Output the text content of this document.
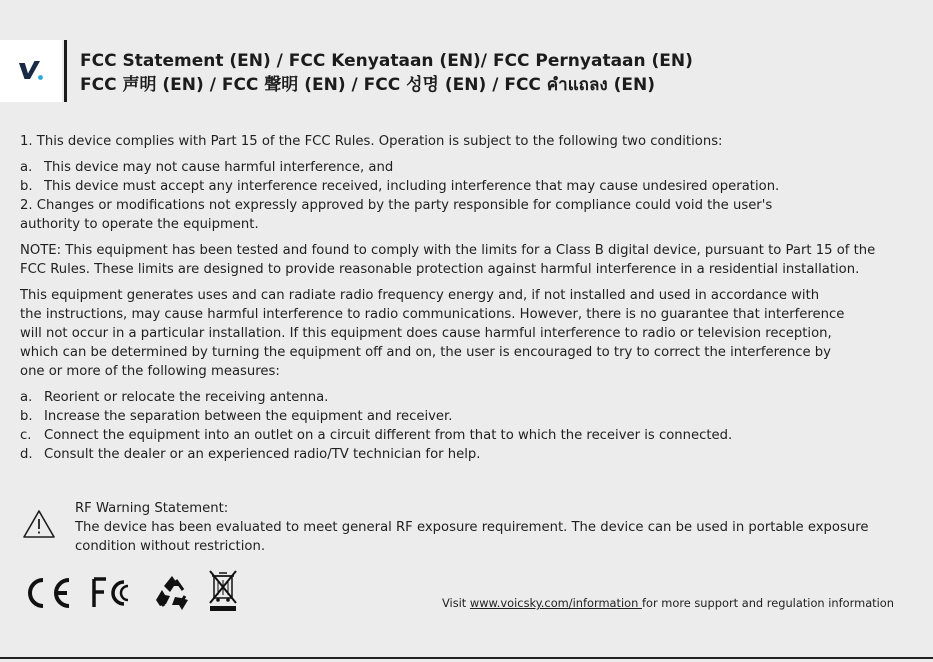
FCC Statement (EN) / FCC Kenyataan (EN)/ FCC Pernyataan (EN)
FCC 声明 (EN) / FCC 聲明 (EN) / FCC 성명 (EN) / FCC คำแถลง (EN)

1. This device complies with Part 15 of the FCC Rules. Operation is subject to the following two conditions:

a. This device may not cause harmful interference, and
b. This device must accept any interference received, including interference that may cause undesired operation.

2. Changes or modifications not expressly approved by the party responsible for compliance could void the user's

authority to operate the equipment.

NOTE: This equipment has been tested and found to comply with the limits for a Class B digital device, pursuant to Part 15 of the

FCC Rules. These limits are designed to provide reasonable protection against harmful interference in a residential installation.

This equipment generates uses and can radiate radio frequency energy and, if not installed and used in accordance with

the instructions, may cause harmful interference to radio communications. However, there is no guarantee that interference

will not occur in a particular installation. If this equipment does cause harmful interference to radio or television reception,

which can be determined by turning the equipment off and on, the user is encouraged to try to correct the interference by

one or more of the following measures:

a. Reorient or relocate the receiving antenna.
b. Increase the separation between the equipment and receiver.
c. Connect the equipment into an outlet on a circuit different from that to which the receiver is connected.
d. Consult the dealer or an experienced radio/TV technician for help.
RF Warning Statement:
The device has been evaluated to meet general RF exposure requirement. The device can be used in portable exposure
condition without restriction.
Visit www.voicsky.com/information for more support and regulation information
